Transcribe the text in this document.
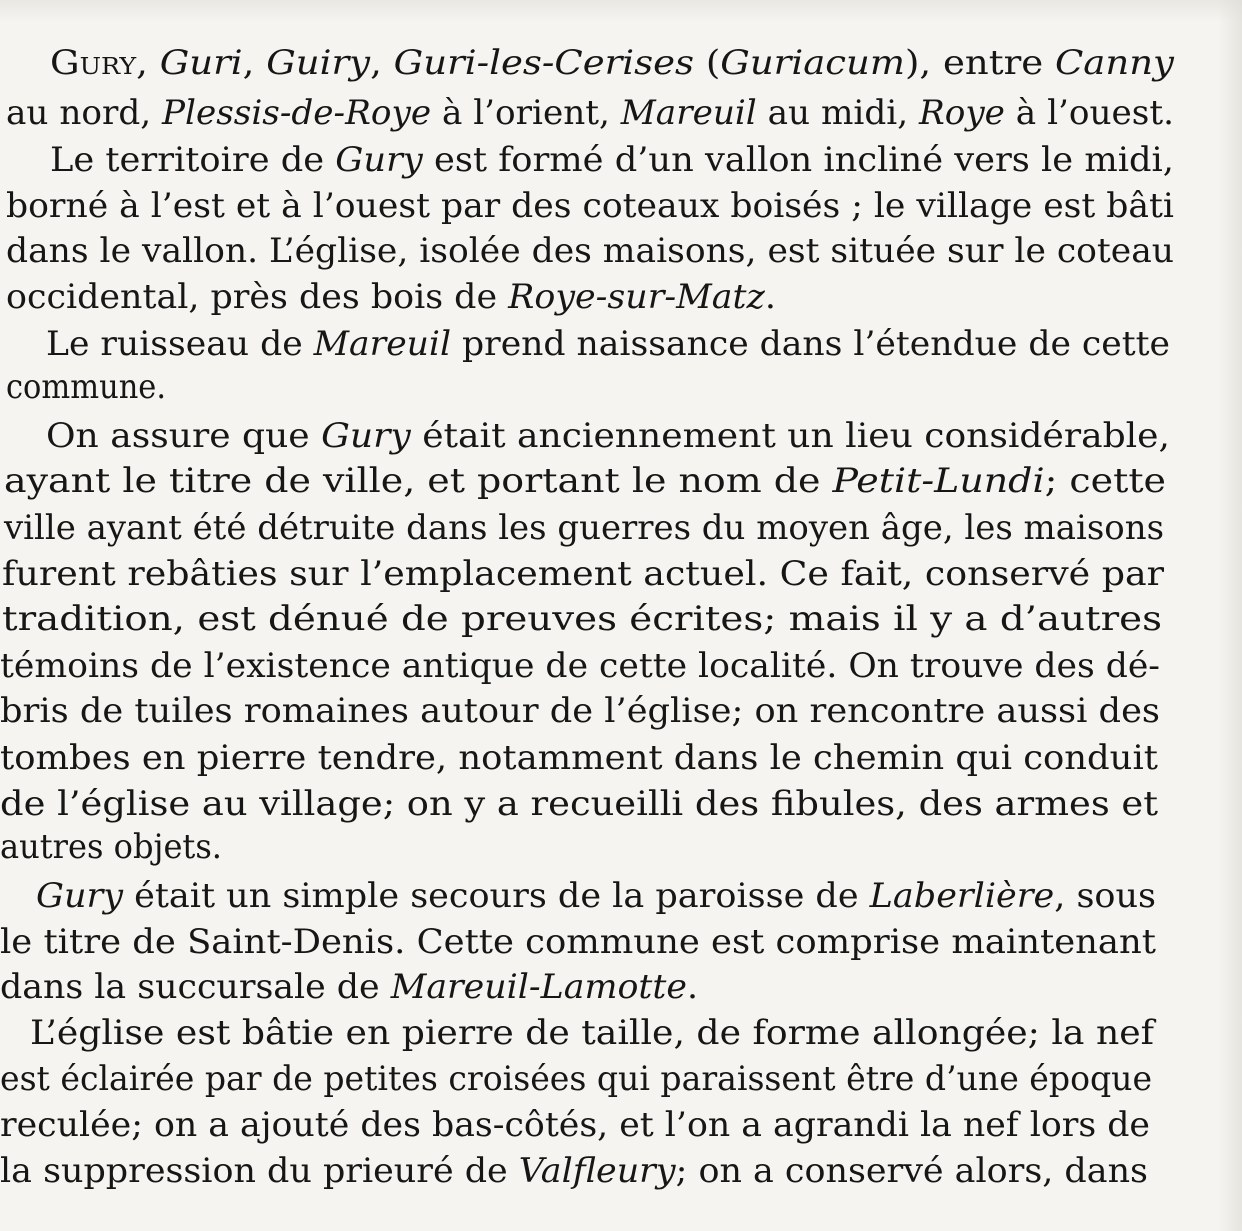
Gury, Guri, Guiry, Guri-les-Cerises (Guriacum), entre Canny
au nord, Plessis-de-Roye à l’orient, Mareuil au midi, Roye à l’ouest.
Le territoire de Gury est formé d’un vallon incliné vers le midi,
borné à l’est et à l’ouest par des coteaux boisés ; le village est bâti
dans le vallon. L’église, isolée des maisons, est située sur le coteau
occidental, près des bois de Roye-sur-Matz.
Le ruisseau de Mareuil prend naissance dans l’étendue de cette
commune.
On assure que Gury était anciennement un lieu considérable,
ayant le titre de ville, et portant le nom de Petit-Lundi; cette
ville ayant été détruite dans les guerres du moyen âge, les maisons
furent rebâties sur l’emplacement actuel. Ce fait, conservé par
tradition, est dénué de preuves écrites; mais il y a d’autres
témoins de l’existence antique de cette localité. On trouve des dé-
bris de tuiles romaines autour de l’église; on rencontre aussi des
tombes en pierre tendre, notamment dans le chemin qui conduit
de l’église au village; on y a recueilli des fibules, des armes et
autres objets.
Gury était un simple secours de la paroisse de Laberlière, sous
le titre de Saint-Denis. Cette commune est comprise maintenant
dans la succursale de Mareuil-Lamotte.
L’église est bâtie en pierre de taille, de forme allongée; la nef
est éclairée par de petites croisées qui paraissent être d’une époque
reculée; on a ajouté des bas-côtés, et l’on a agrandi la nef lors de
la suppression du prieuré de Valfleury; on a conservé alors, dans
